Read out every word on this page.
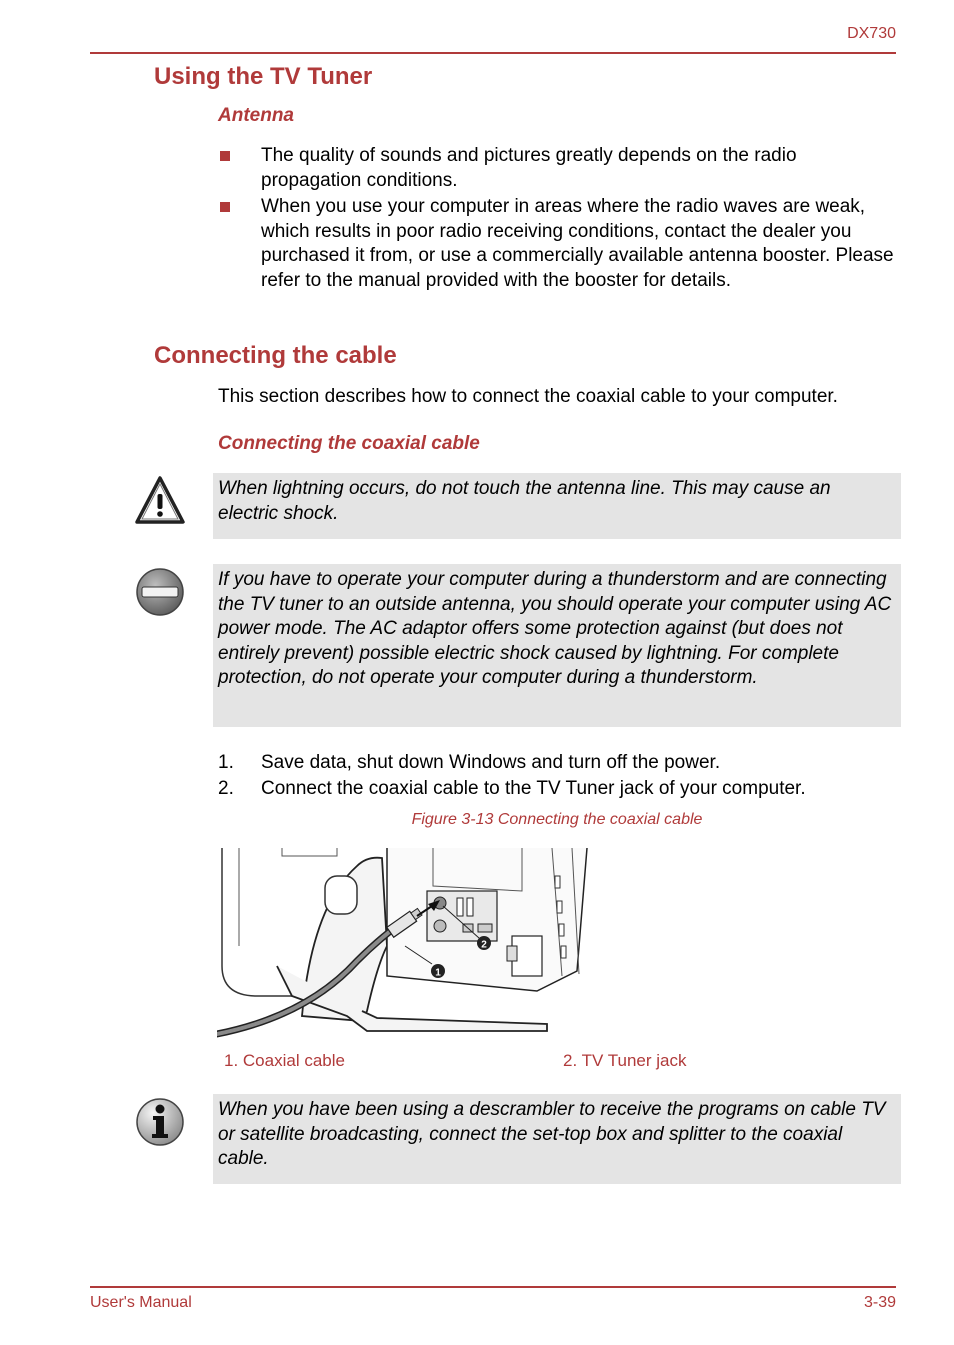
DX730
Using the TV Tuner
Antenna
The quality of sounds and pictures greatly depends on the radio propagation conditions.
When you use your computer in areas where the radio waves are weak, which results in poor radio receiving conditions, contact the dealer you purchased it from, or use a commercially available antenna booster. Please refer to the manual provided with the booster for details.
Connecting the cable
This section describes how to connect the coaxial cable to your computer.
Connecting the coaxial cable
When lightning occurs, do not touch the antenna line. This may cause an electric shock.
If you have to operate your computer during a thunderstorm and are connecting the TV tuner to an outside antenna, you should operate your computer using AC power mode. The AC adaptor offers some protection against (but does not entirely prevent) possible electric shock caused by lightning. For complete protection, do not operate your computer during a thunderstorm.
1. Save data, shut down Windows and turn off the power.
2. Connect the coaxial cable to the TV Tuner jack of your computer.
Figure 3-13 Connecting the coaxial cable
1
2
1. Coaxial cable	2. TV Tuner jack
When you have been using a descrambler to receive the programs on cable TV or satellite broadcasting, connect the set-top box and splitter to the coaxial cable.
User's Manual	3-39
